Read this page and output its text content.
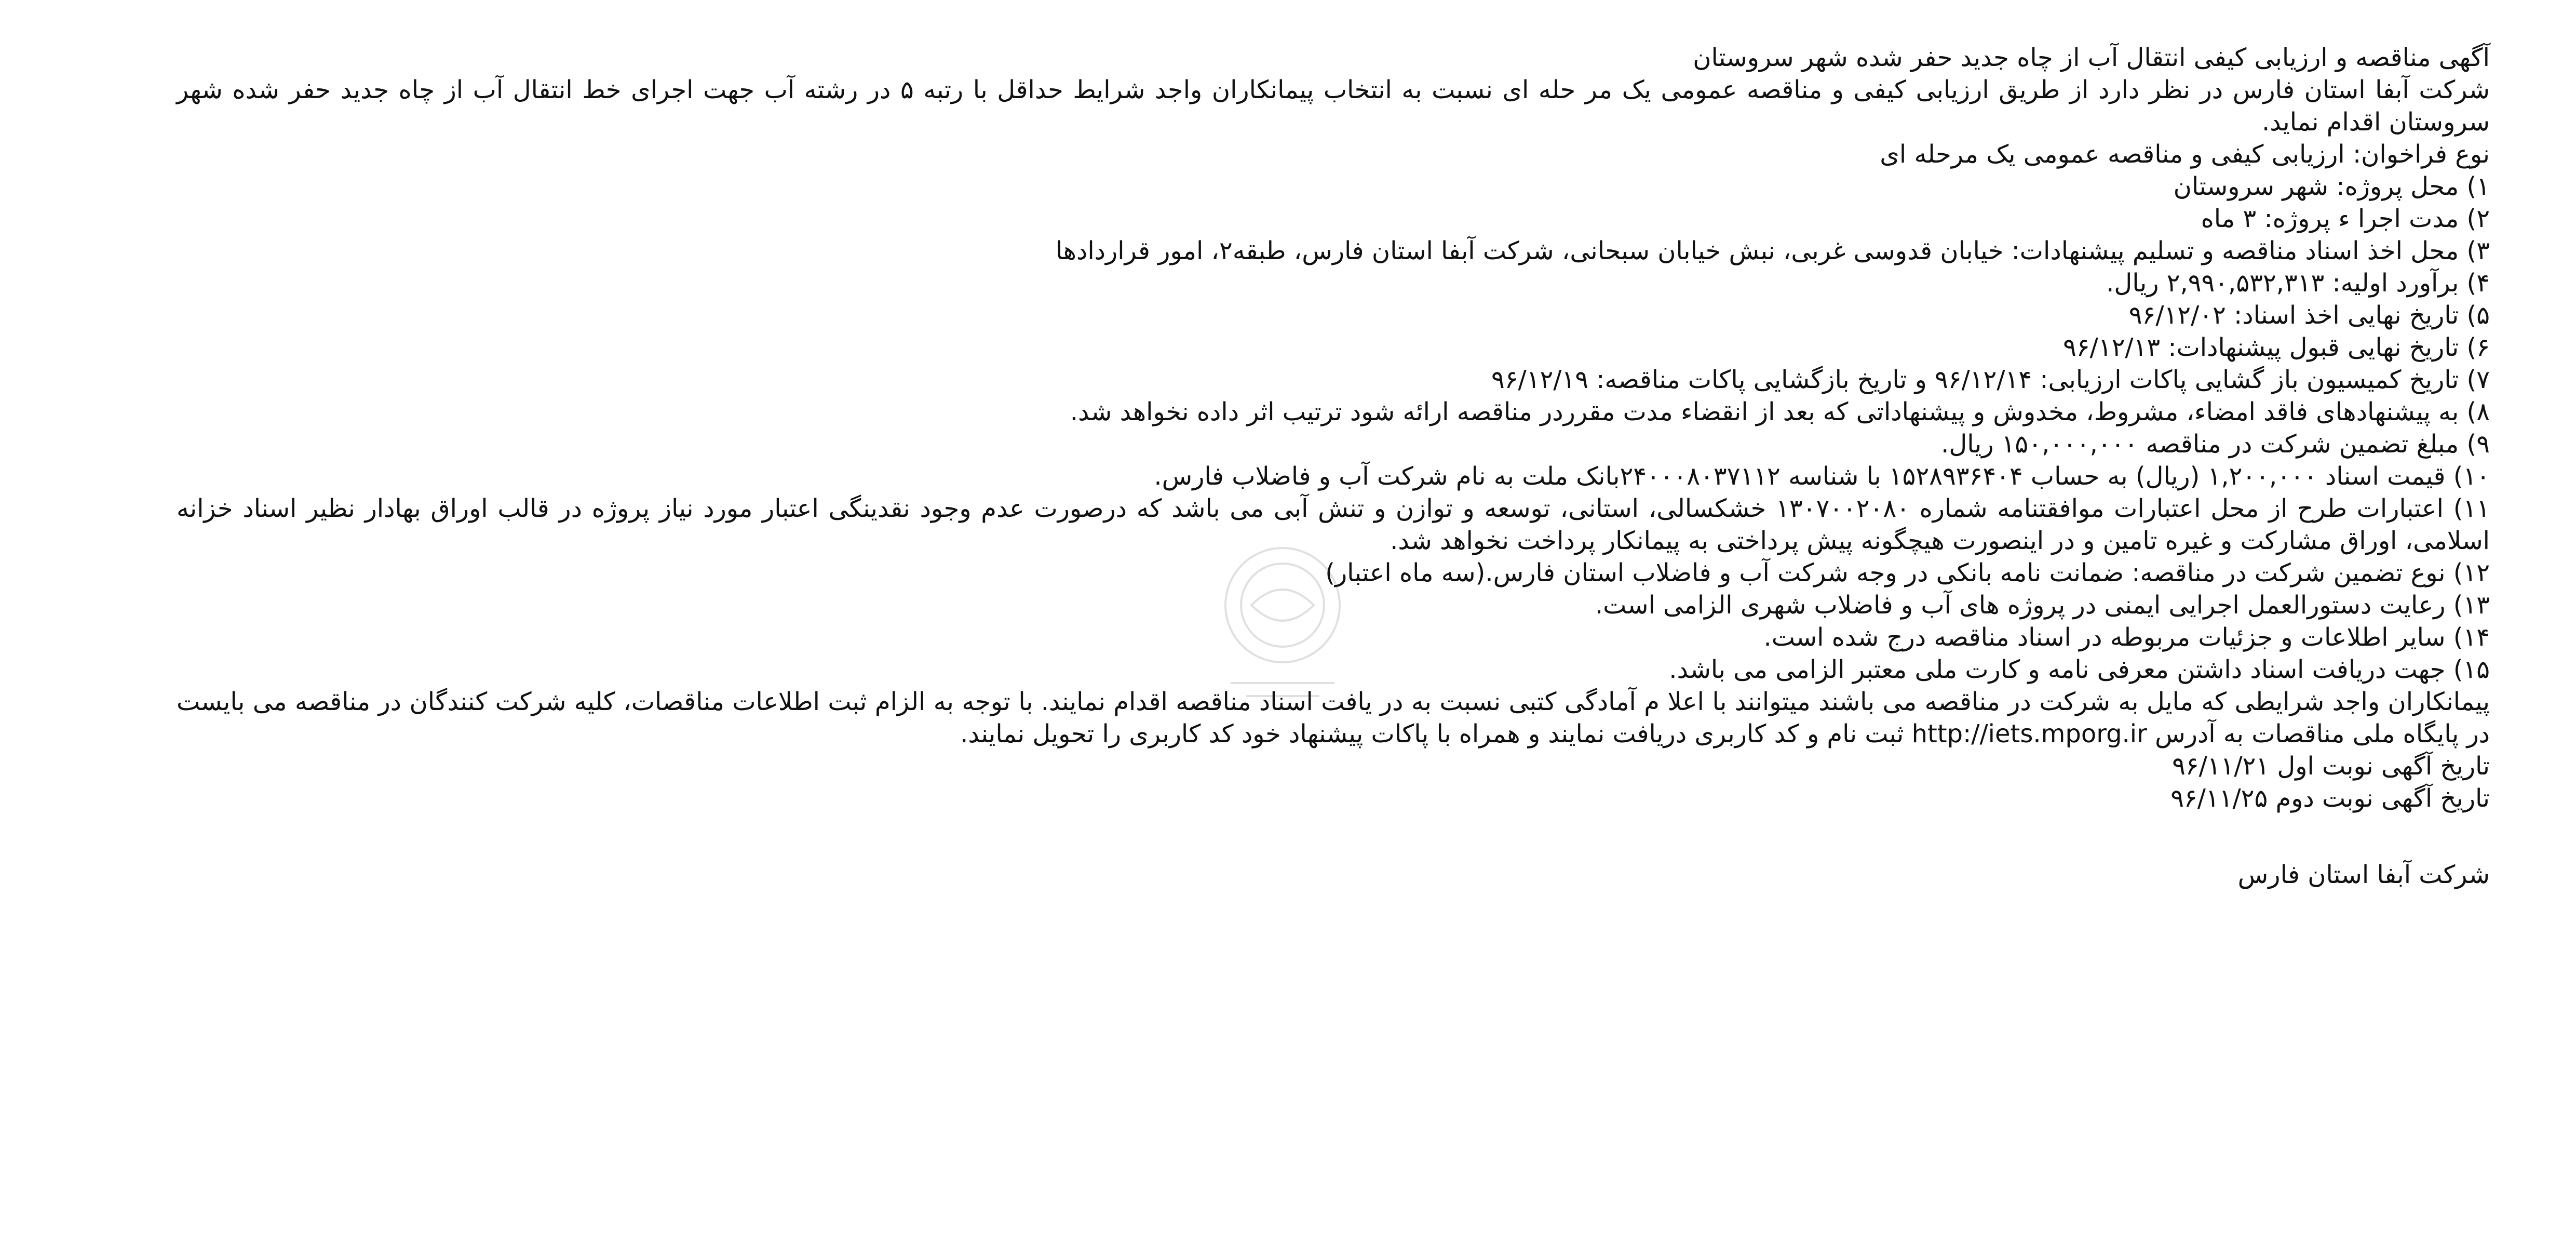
آگهی مناقصه و ارزیابی کیفی انتقال آب از چاه جدید حفر شده شهر سروستان
شرکت آبفا استان فارس در نظر دارد از طریق ارزیابی کیفی و مناقصه عمومی یک مر حله ای نسبت به انتخاب پیمانکاران واجد شرایط حداقل با رتبه ۵ در رشته آب جهت اجرای خط انتقال آب از چاه جدید حفر شده شهر سروستان اقدام نماید.
نوع فراخوان: ارزیابی کیفی و مناقصه عمومی یک مرحله ای
۱) محل پروژه: شهر سروستان
۲) مدت اجرا ء پروژه: ۳ ماه
۳) محل اخذ اسناد مناقصه و تسلیم پیشنهادات: خیابان قدوسی غربی، نبش خیابان سبحانی، شرکت آبفا استان فارس، طبقه۲، امور قراردادها
۴) برآورد اولیه: ۲,۹۹۰,۵۳۲,۳۱۳ ریال.
۵) تاریخ نهایی اخذ اسناد: ۹۶/۱۲/۰۲
۶) تاریخ نهایی قبول پیشنهادات: ۹۶/۱۲/۱۳
۷) تاریخ کمیسیون باز گشایی پاکات ارزیابی: ۹۶/۱۲/۱۴ و تاریخ بازگشایی پاکات مناقصه: ۹۶/۱۲/۱۹
۸) به پیشنهادهای فاقد امضاء، مشروط، مخدوش و پیشنهاداتی که بعد از انقضاء مدت مقرردر مناقصه ارائه شود ترتیب اثر داده نخواهد شد.
۹) مبلغ تضمین شرکت در مناقصه ۱۵۰,۰۰۰,۰۰۰ ریال.
۱۰) قیمت اسناد ۱,۲۰۰,۰۰۰ (ریال) به حساب ۱۵۲۸۹۳۶۴۰۴ با شناسه ۲۴۰۰۰۸۰۳۷۱۱۲بانک ملت به نام شرکت آب و فاضلاب فارس.
۱۱) اعتبارات طرح از محل اعتبارات موافقتنامه شماره ۱۳۰۷۰۰۲۰۸۰ خشکسالی، استانی، توسعه و توازن و تنش آبی می باشد که درصورت عدم وجود نقدینگی اعتبار مورد نیاز پروژه در قالب اوراق بهادار نظیر اسناد خزانه اسلامی، اوراق مشارکت و غیره تامین و در اینصورت هیچگونه پیش پرداختی به پیمانکار پرداخت نخواهد شد.
۱۲) نوع تضمین شرکت در مناقصه: ضمانت نامه بانکی در وجه شرکت آب و فاضلاب استان فارس.(سه ماه اعتبار)
۱۳) رعایت دستورالعمل اجرایی ایمنی در پروژه های آب و فاضلاب شهری الزامی است.
۱۴) سایر اطلاعات و جزئیات مربوطه در اسناد مناقصه درج شده است.
۱۵) جهت دریافت اسناد داشتن معرفی نامه و کارت ملی معتبر الزامی می باشد.
پیمانکاران واجد شرایطی که مایل به شرکت در مناقصه می باشند میتوانند با اعلا م آمادگی کتبی نسبت به در یافت اسناد مناقصه اقدام نمایند. با توجه به الزام ثبت اطلاعات مناقصات، کلیه شرکت کنندگان در مناقصه می بایست در پایگاه ملی مناقصات به آدرس http://iets.mporg.ir ثبت نام و کد کاربری دریافت نمایند و همراه با پاکات پیشنهاد خود کد کاربری را تحویل نمایند.
تاریخ آگهی نوبت اول ۹۶/۱۱/۲۱
تاریخ آگهی نوبت دوم ۹۶/۱۱/۲۵
شرکت آبفا استان فارس
